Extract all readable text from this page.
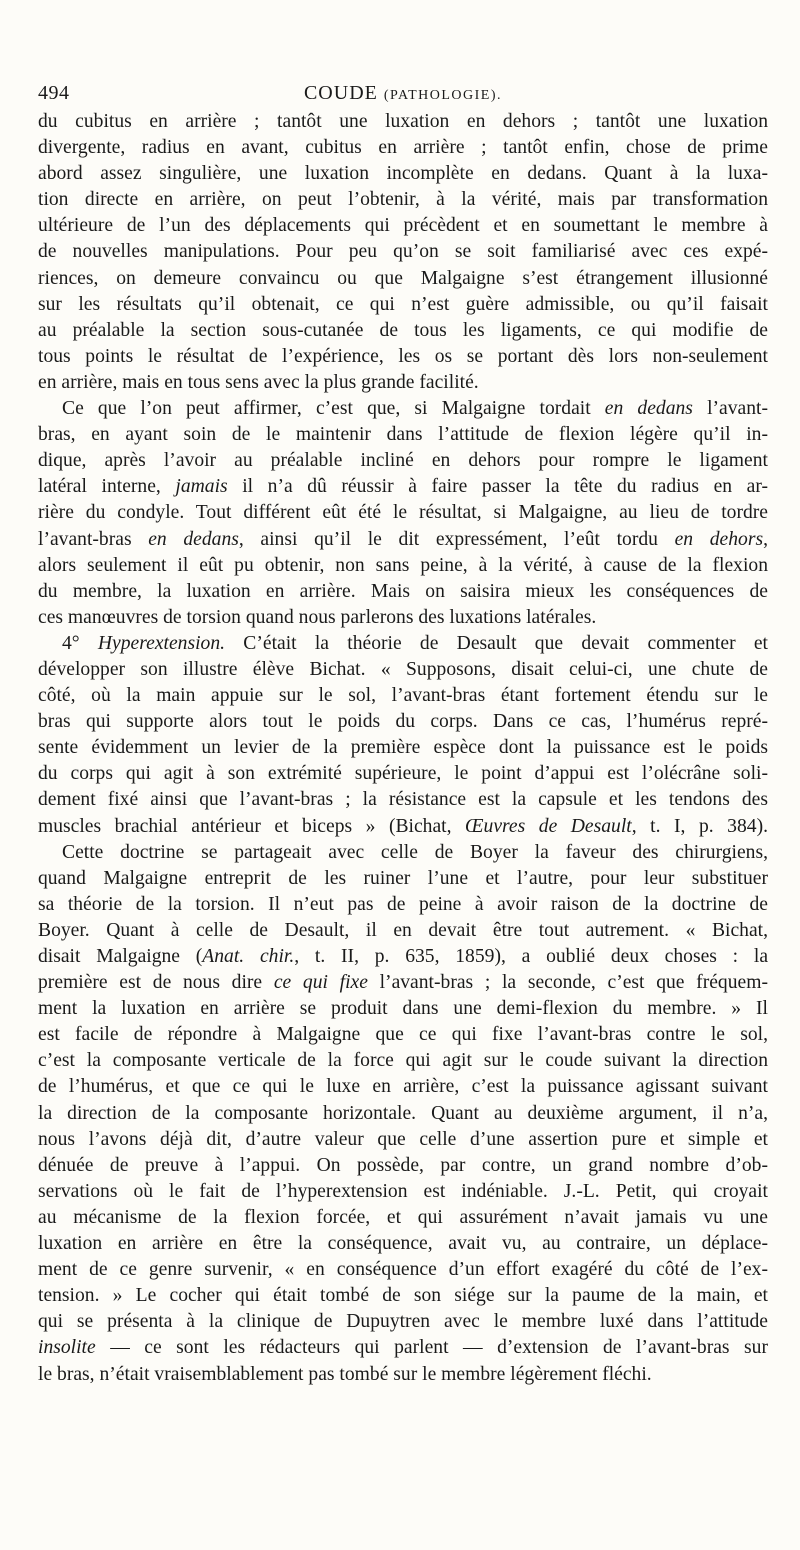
494	COUDE (PATHOLOGIE).
du cubitus en arrière ; tantôt une luxation en dehors ; tantôt une luxation
divergente, radius en avant, cubitus en arrière ; tantôt enfin, chose de prime
abord assez singulière, une luxation incomplète en dedans. Quant à la luxa-
tion directe en arrière, on peut l’obtenir, à la vérité, mais par transformation
ultérieure de l’un des déplacements qui précèdent et en soumettant le membre à
de nouvelles manipulations. Pour peu qu’on se soit familiarisé avec ces expé-
riences, on demeure convaincu ou que Malgaigne s’est étrangement illusionné
sur les résultats qu’il obtenait, ce qui n’est guère admissible, ou qu’il faisait
au préalable la section sous-cutanée de tous les ligaments, ce qui modifie de
tous points le résultat de l’expérience, les os se portant dès lors non-seulement
en arrière, mais en tous sens avec la plus grande facilité.
Ce que l’on peut affirmer, c’est que, si Malgaigne tordait en dedans l’avant-
bras, en ayant soin de le maintenir dans l’attitude de flexion légère qu’il in-
dique, après l’avoir au préalable incliné en dehors pour rompre le ligament
latéral interne, jamais il n’a dû réussir à faire passer la tête du radius en ar-
rière du condyle. Tout différent eût été le résultat, si Malgaigne, au lieu de tordre
l’avant-bras en dedans, ainsi qu’il le dit expressément, l’eût tordu en dehors,
alors seulement il eût pu obtenir, non sans peine, à la vérité, à cause de la flexion
du membre, la luxation en arrière. Mais on saisira mieux les conséquences de
ces manœuvres de torsion quand nous parlerons des luxations latérales.
4° Hyperextension. C’était la théorie de Desault que devait commenter et
développer son illustre élève Bichat. « Supposons, disait celui-ci, une chute de
côté, où la main appuie sur le sol, l’avant-bras étant fortement étendu sur le
bras qui supporte alors tout le poids du corps. Dans ce cas, l’humérus repré-
sente évidemment un levier de la première espèce dont la puissance est le poids
du corps qui agit à son extrémité supérieure, le point d’appui est l’olécrâne soli-
dement fixé ainsi que l’avant-bras ; la résistance est la capsule et les tendons des
muscles brachial antérieur et biceps » (Bichat, Œuvres de Desault, t. I, p. 384).
Cette doctrine se partageait avec celle de Boyer la faveur des chirurgiens,
quand Malgaigne entreprit de les ruiner l’une et l’autre, pour leur substituer
sa théorie de la torsion. Il n’eut pas de peine à avoir raison de la doctrine de
Boyer. Quant à celle de Desault, il en devait être tout autrement. « Bichat,
disait Malgaigne (Anat. chir., t. II, p. 635, 1859), a oublié deux choses : la
première est de nous dire ce qui fixe l’avant-bras ; la seconde, c’est que fréquem-
ment la luxation en arrière se produit dans une demi-flexion du membre. » Il
est facile de répondre à Malgaigne que ce qui fixe l’avant-bras contre le sol,
c’est la composante verticale de la force qui agit sur le coude suivant la direction
de l’humérus, et que ce qui le luxe en arrière, c’est la puissance agissant suivant
la direction de la composante horizontale. Quant au deuxième argument, il n’a,
nous l’avons déjà dit, d’autre valeur que celle d’une assertion pure et simple et
dénuée de preuve à l’appui. On possède, par contre, un grand nombre d’ob-
servations où le fait de l’hyperextension est indéniable. J.-L. Petit, qui croyait
au mécanisme de la flexion forcée, et qui assurément n’avait jamais vu une
luxation en arrière en être la conséquence, avait vu, au contraire, un déplace-
ment de ce genre survenir, « en conséquence d’un effort exagéré du côté de l’ex-
tension. » Le cocher qui était tombé de son siége sur la paume de la main, et
qui se présenta à la clinique de Dupuytren avec le membre luxé dans l’attitude
insolite — ce sont les rédacteurs qui parlent — d’extension de l’avant-bras sur
le bras, n’était vraisemblablement pas tombé sur le membre légèrement fléchi.
